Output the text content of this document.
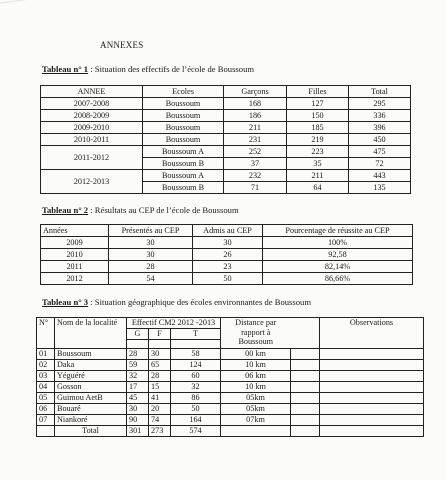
ANNEXES
Tableau n° 1 : Situation des effectifs de l’école de Boussoum
ANNEE	Ecoles	Garçons	Filles	Total
2007-2008	Boussoum	168	127	295
2008-2009	Boussoum	186	150	336
2009-2010	Boussoum	211	185	396
2010-2011	Boussoum	231	219	450
2011-2012	Boussoum A	252	223	475
	Boussoum B	37	35	72
2012-2013	Boussoum A	232	211	443
	Boussoum B	71	64	135
Tableau n° 2 : Résultats au CEP de l’école de Boussoum
Années	Présentés au CEP	Admis au CEP	Pourcentage de réussite au CEP
2009	30	30	100%
2010	30	26	92,58
2011	28	23	82,14%
2012	54	50	86,66%
Tableau n° 3 : Situation géographique des écoles environnantes de Boussoum
N°	Nom de la localité	Effectif CM2 2012 -2013			Distance par rapport à Boussoum		Observations
		G	F	T			

01	Boussoum	28	30	58	00 km		
02	Daka	59	65	124	10 km		
03	Yéguéré	32	28	60	06 km		
04	Gosson	17	15	32	10 km		
05	Guimou AetB	45	41	86	05km		
06	Bouaré	30	20	50	05km		
07	Niankoré	90	74	164	07km		
	Total	301	273	574			
